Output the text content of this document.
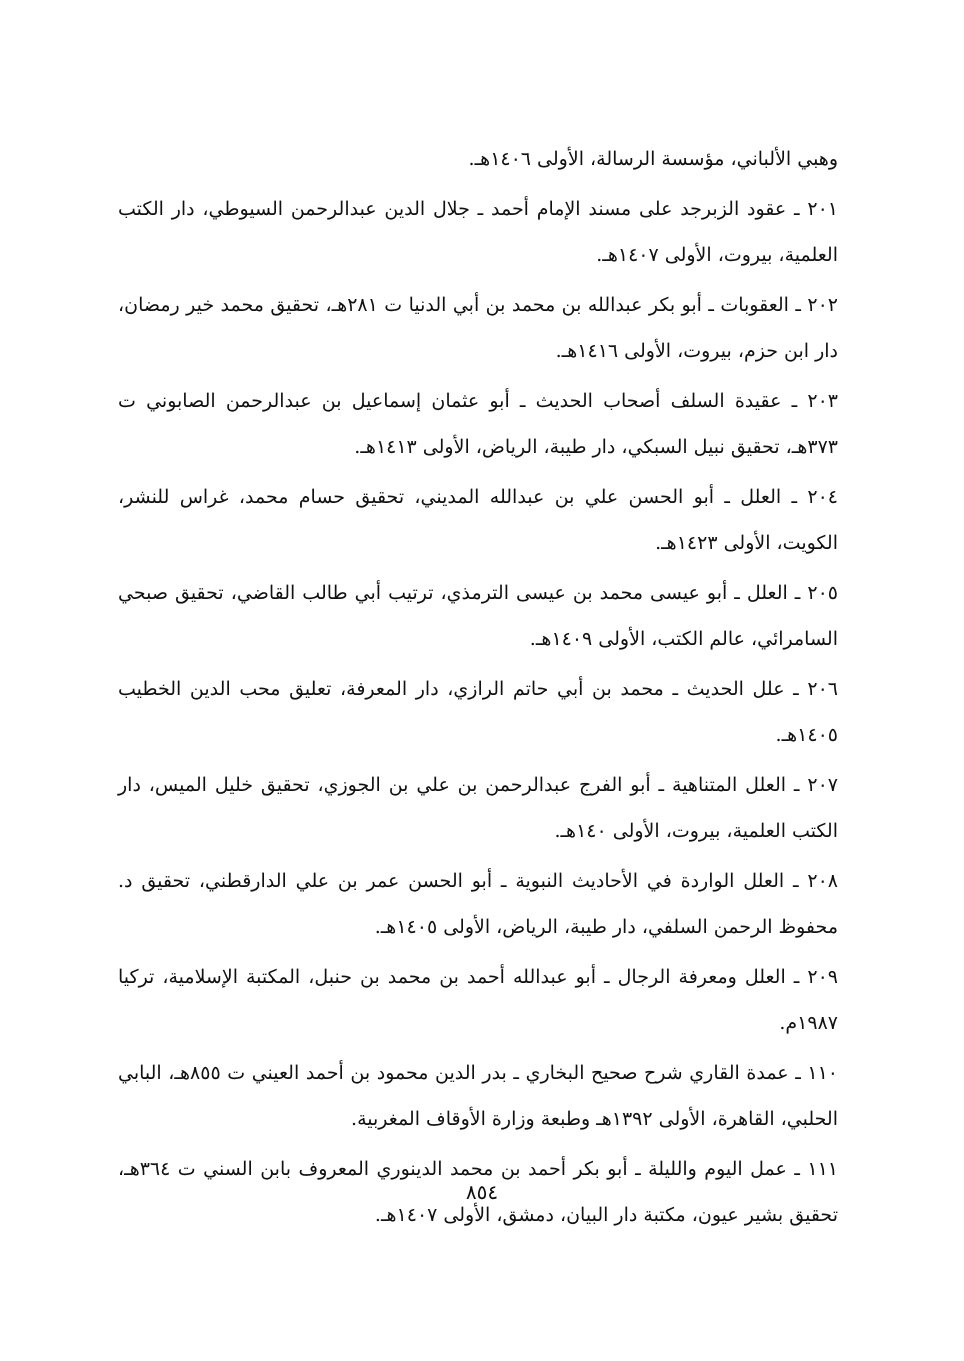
وهبي الألباني، مؤسسة الرسالة، الأولى ١٤٠٦هـ.

٢٠١ ـ عقود الزبرجد على مسند الإمام أحمد ـ جلال الدين عبدالرحمن السيوطي، دار الكتب العلمية، بيروت، الأولى ١٤٠٧هـ.

٢٠٢ ـ العقوبات ـ أبو بكر عبدالله بن محمد بن أبي الدنيا ت ٢٨١هـ، تحقيق محمد خير رمضان، دار ابن حزم، بيروت، الأولى ١٤١٦هـ.

٢٠٣ ـ عقيدة السلف أصحاب الحديث ـ أبو عثمان إسماعيل بن عبدالرحمن الصابوني ت ٣٧٣هـ، تحقيق نبيل السبكي، دار طيبة، الرياض، الأولى ١٤١٣هـ.

٢٠٤ ـ العلل ـ أبو الحسن علي بن عبدالله المديني، تحقيق حسام محمد، غراس للنشر، الكويت، الأولى ١٤٢٣هـ.

٢٠٥ ـ العلل ـ أبو عيسى محمد بن عيسى الترمذي، ترتيب أبي طالب القاضي، تحقيق صبحي السامرائي، عالم الكتب، الأولى ١٤٠٩هـ.

٢٠٦ ـ علل الحديث ـ محمد بن أبي حاتم الرازي، دار المعرفة، تعليق محب الدين الخطيب ١٤٠٥هـ.

٢٠٧ ـ العلل المتناهية ـ أبو الفرج عبدالرحمن بن علي بن الجوزي، تحقيق خليل الميس، دار الكتب العلمية، بيروت، الأولى ١٤٠هـ.

٢٠٨ ـ العلل الواردة في الأحاديث النبوية ـ أبو الحسن عمر بن علي الدارقطني، تحقيق د. محفوظ الرحمن السلفي، دار طيبة، الرياض، الأولى ١٤٠٥هـ.

٢٠٩ ـ العلل ومعرفة الرجال ـ أبو عبدالله أحمد بن محمد بن حنبل، المكتبة الإسلامية، تركيا ١٩٨٧م.

١١٠ ـ عمدة القاري شرح صحيح البخاري ـ بدر الدين محمود بن أحمد العيني ت ٨٥٥هـ، البابي الحلبي، القاهرة، الأولى ١٣٩٢هـ وطبعة وزارة الأوقاف المغربية.

١١١ ـ عمل اليوم والليلة ـ أبو بكر أحمد بن محمد الدينوري المعروف بابن السني ت ٣٦٤هـ، تحقيق بشير عيون، مكتبة دار البيان، دمشق، الأولى ١٤٠٧هـ.

٨٥٤
